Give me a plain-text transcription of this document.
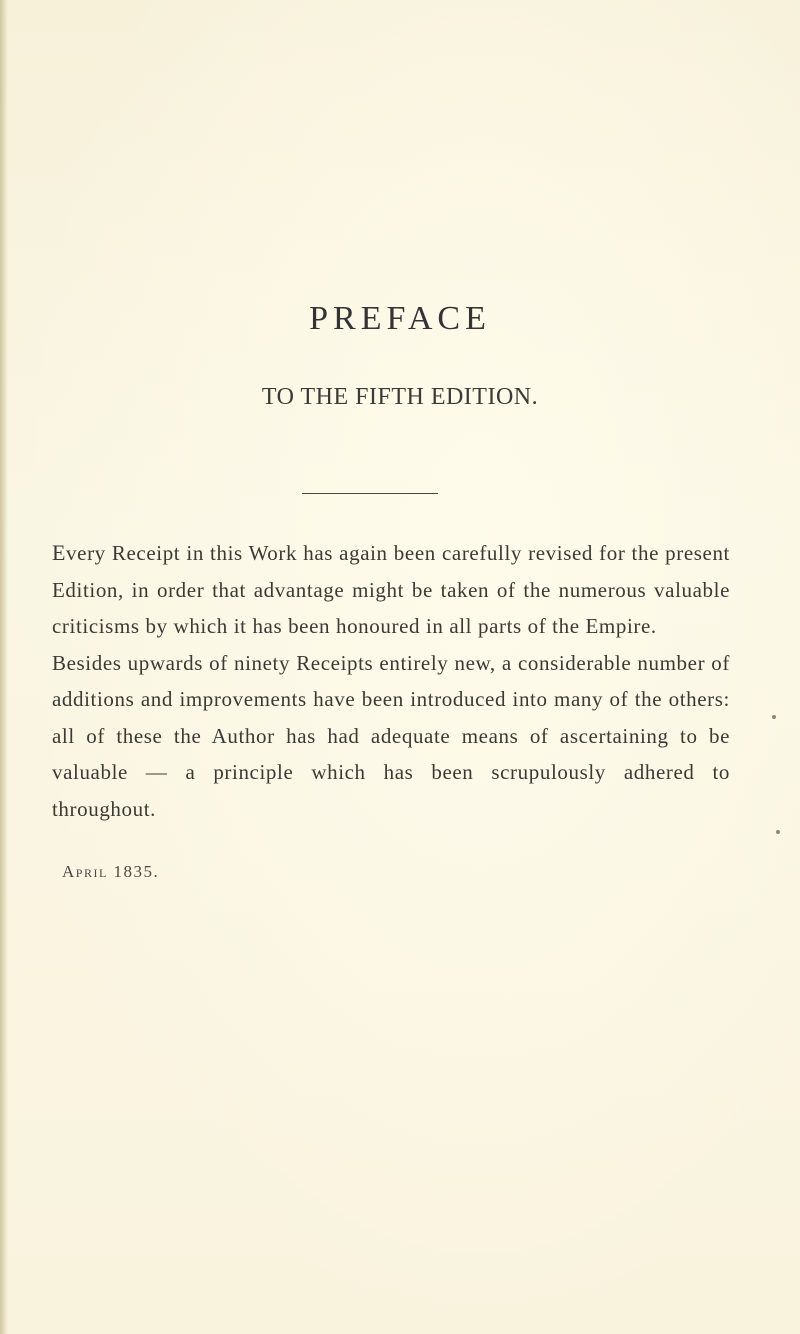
PREFACE
TO THE FIFTH EDITION.

Every Receipt in this Work has again been carefully revised for the present Edition, in order that advantage might be taken of the numerous valuable criticisms by which it has been honoured in all parts of the Empire.

Besides upwards of ninety Receipts entirely new, a considerable number of additions and improvements have been introduced into many of the others: all of these the Author has had adequate means of ascertaining to be valuable — a principle which has been scrupulously adhered to throughout.

April 1835.
